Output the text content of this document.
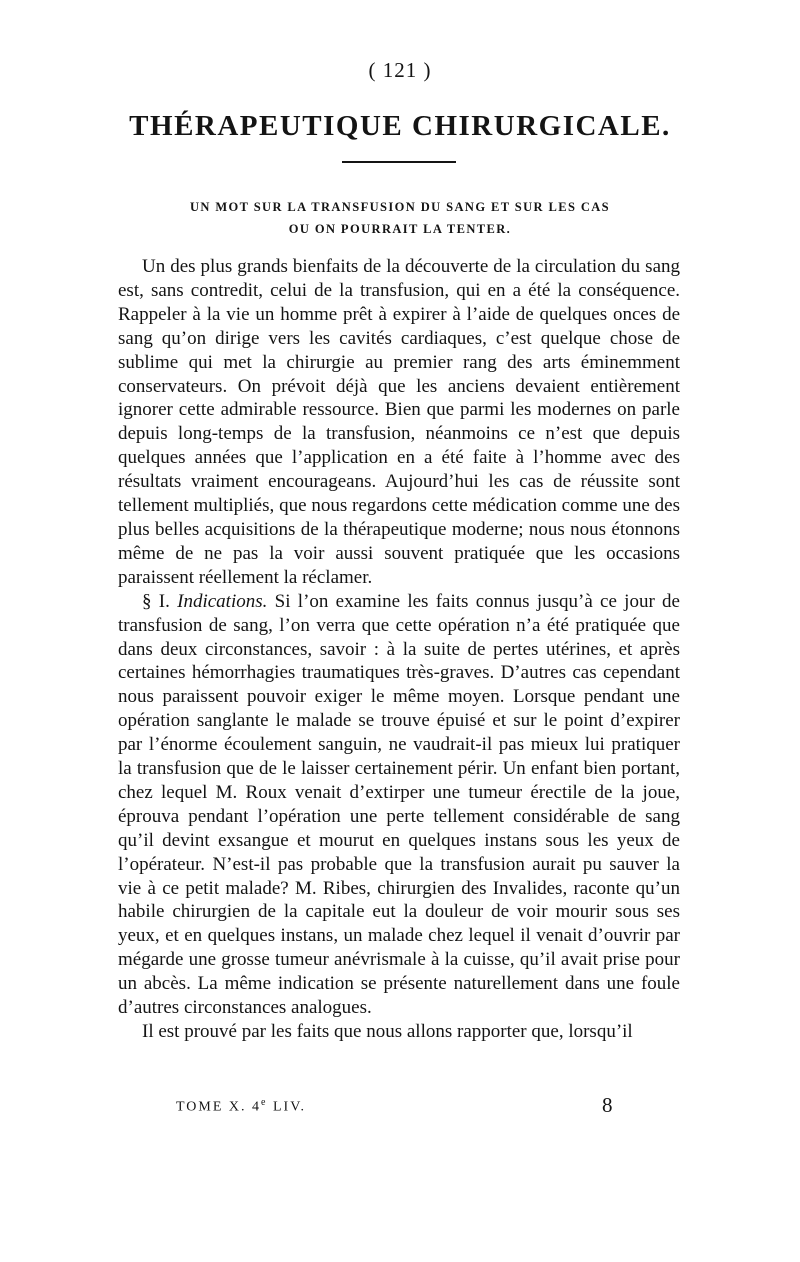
( 121 )
THÉRAPEUTIQUE CHIRURGICALE.
UN MOT SUR LA TRANSFUSION DU SANG ET SUR LES CAS
OU ON POURRAIT LA TENTER.

Un des plus grands bienfaits de la découverte de la circulation du sang est, sans contredit, celui de la transfusion, qui en a été la conséquence. Rappeler à la vie un homme prêt à expirer à l’aide de quelques onces de sang qu’on dirige vers les cavités cardiaques, c’est quelque chose de sublime qui met la chirurgie au premier rang des arts éminemment conservateurs. On prévoit déjà que les anciens devaient entièrement ignorer cette admirable ressource. Bien que parmi les modernes on parle depuis long-temps de la transfusion, néanmoins ce n’est que depuis quelques années que l’application en a été faite à l’homme avec des résultats vraiment encourageans. Aujourd’hui les cas de réussite sont tellement multipliés, que nous regardons cette médication comme une des plus belles acquisitions de la thérapeutique moderne; nous nous étonnons même de ne pas la voir aussi souvent pratiquée que les occasions paraissent réellement la réclamer.

§ I. Indications. Si l’on examine les faits connus jusqu’à ce jour de transfusion de sang, l’on verra que cette opération n’a été pratiquée que dans deux circonstances, savoir : à la suite de pertes utérines, et après certaines hémorrhagies traumatiques très-graves. D’autres cas cependant nous paraissent pouvoir exiger le même moyen. Lorsque pendant une opération sanglante le malade se trouve épuisé et sur le point d’expirer par l’énorme écoulement sanguin, ne vaudrait-il pas mieux lui pratiquer la transfusion que de le laisser certainement périr. Un enfant bien portant, chez lequel M. Roux venait d’extirper une tumeur érectile de la joue, éprouva pendant l’opération une perte tellement considérable de sang qu’il devint exsangue et mourut en quelques instans sous les yeux de l’opérateur. N’est-il pas probable que la transfusion aurait pu sauver la vie à ce petit malade? M. Ribes, chirurgien des Invalides, raconte qu’un habile chirurgien de la capitale eut la douleur de voir mourir sous ses yeux, et en quelques instans, un malade chez lequel il venait d’ouvrir par mégarde une grosse tumeur anévrismale à la cuisse, qu’il avait prise pour un abcès. La même indication se présente naturellement dans une foule d’autres circonstances analogues.

Il est prouvé par les faits que nous allons rapporter que, lorsqu’il

TOME X. 4e LIV.	8
